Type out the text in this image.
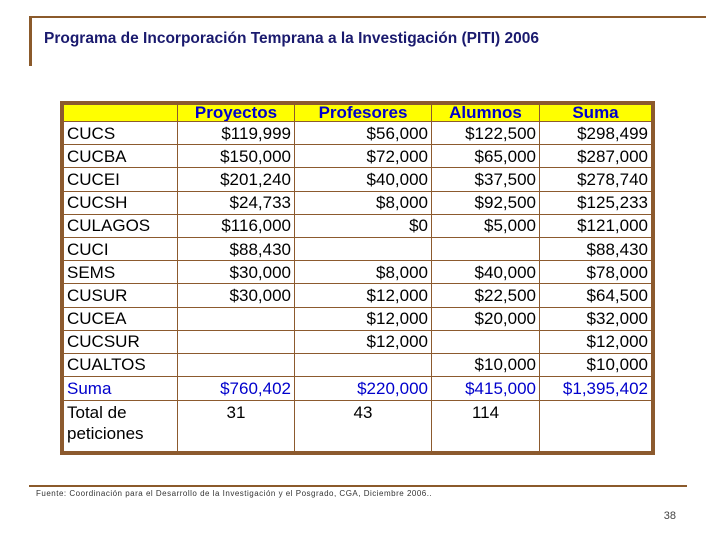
Programa de Incorporación Temprana a la Investigación (PITI) 2006
	Proyectos	Profesores	Alumnos	Suma
CUCS	$119,999	$56,000	$122,500	$298,499
CUCBA	$150,000	$72,000	$65,000	$287,000
CUCEI	$201,240	$40,000	$37,500	$278,740
CUCSH	$24,733	$8,000	$92,500	$125,233
CULAGOS	$116,000	$0	$5,000	$121,000
CUCI	$88,430			$88,430
SEMS	$30,000	$8,000	$40,000	$78,000
CUSUR	$30,000	$12,000	$22,500	$64,500
CUCEA		$12,000	$20,000	$32,000
CUCSUR		$12,000		$12,000
CUALTOS			$10,000	$10,000
Suma	$760,402	$220,000	$415,000	$1,395,402

Total de
peticiones	31	43	114	
Fuente: Coordinación para el Desarrollo de la Investigación y el Posgrado, CGA, Diciembre 2006..
38
